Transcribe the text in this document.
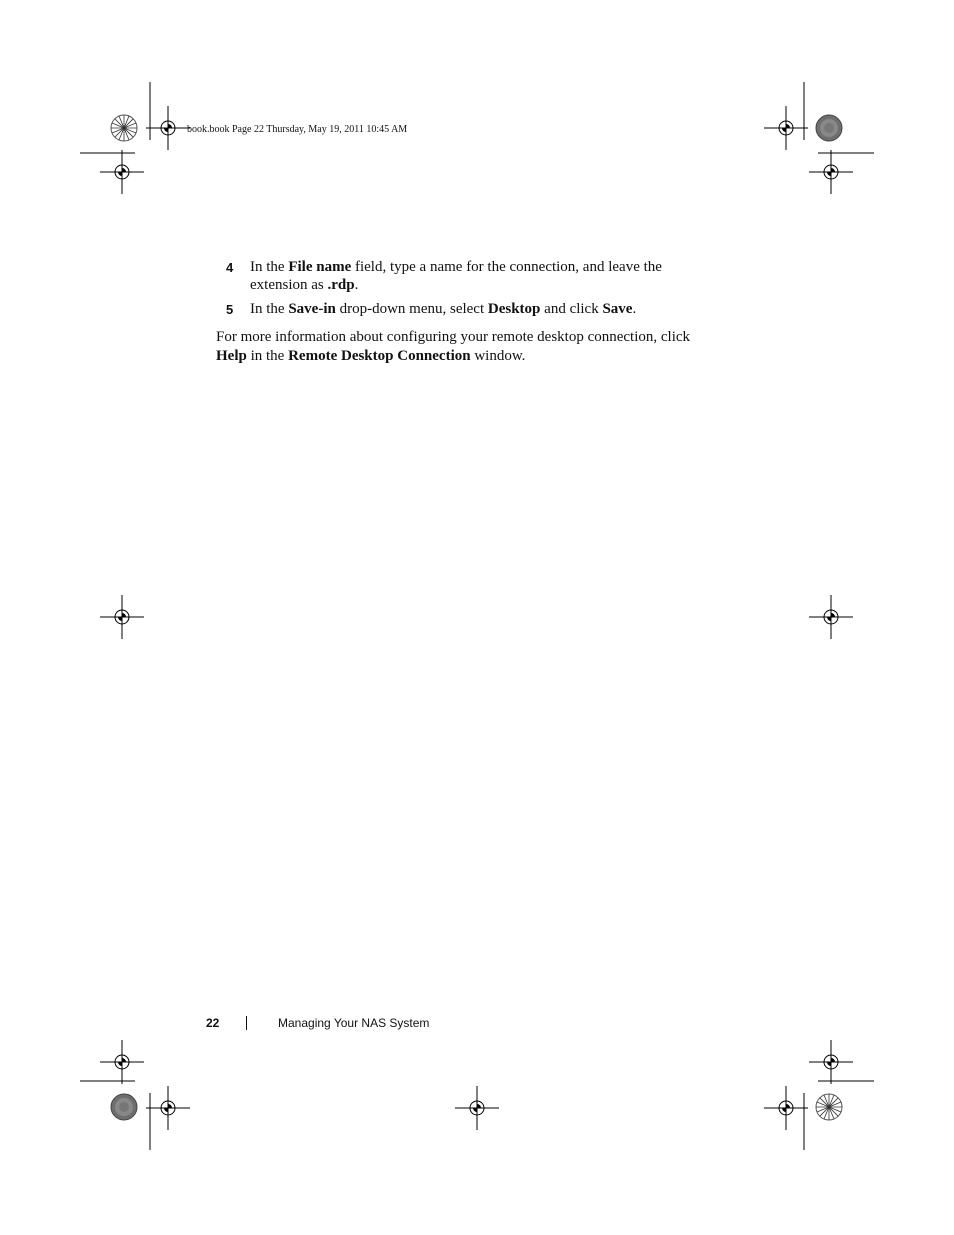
book.book Page 22 Thursday, May 19, 2011 10:45 AM
4 In the File name field, type a name for the connection, and leave the extension as .rdp.
5 In the Save-in drop-down menu, select Desktop and click Save.
For more information about configuring your remote desktop connection, click Help in the Remote Desktop Connection window.
22	Managing Your NAS System
